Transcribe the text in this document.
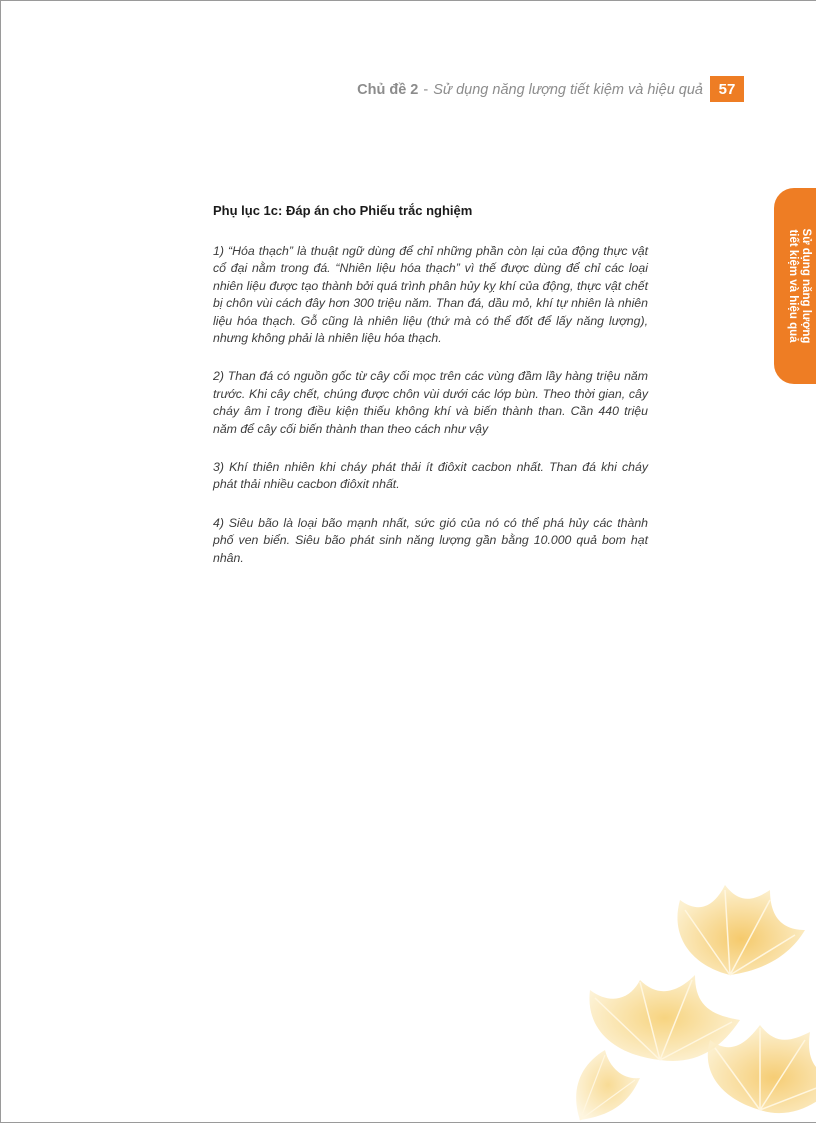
Chủ đề 2 - Sử dụng năng lượng tiết kiệm và hiệu quả	57
Sử dụng năng lượng
tiết kiệm và hiệu quả
Phụ lục 1c: Đáp án cho Phiếu trắc nghiệm

1) “Hóa thạch” là thuật ngữ dùng để chỉ những phần còn lại của động thực vật cổ đại nằm trong đá. “Nhiên liệu hóa thạch” vì thế được dùng để chỉ các loại nhiên liệu được tạo thành bởi quá trình phân hủy kỵ khí của động, thực vật chết bị chôn vùi cách đây hơn 300 triệu năm. Than đá, dầu mỏ, khí tự nhiên là nhiên liệu hóa thạch. Gỗ cũng là nhiên liệu (thứ mà có thể đốt để lấy năng lượng), nhưng không phải là nhiên liệu hóa thạch.

2) Than đá có nguồn gốc từ cây cối mọc trên các vùng đầm lầy hàng triệu năm trước. Khi cây chết, chúng được chôn vùi dưới các lớp bùn. Theo thời gian, cây cháy âm ỉ trong điều kiện thiếu không khí và biến thành than. Cần 440 triệu năm để cây cối biến thành than theo cách như vậy

3) Khí thiên nhiên khi cháy phát thải ít điôxit cacbon nhất. Than đá khi cháy phát thải nhiều cacbon điôxit nhất.

4) Siêu bão là loại bão mạnh nhất, sức gió của nó có thể phá hủy các thành phố ven biển. Siêu bão phát sinh năng lượng gần bằng 10.000 quả bom hạt nhân.
